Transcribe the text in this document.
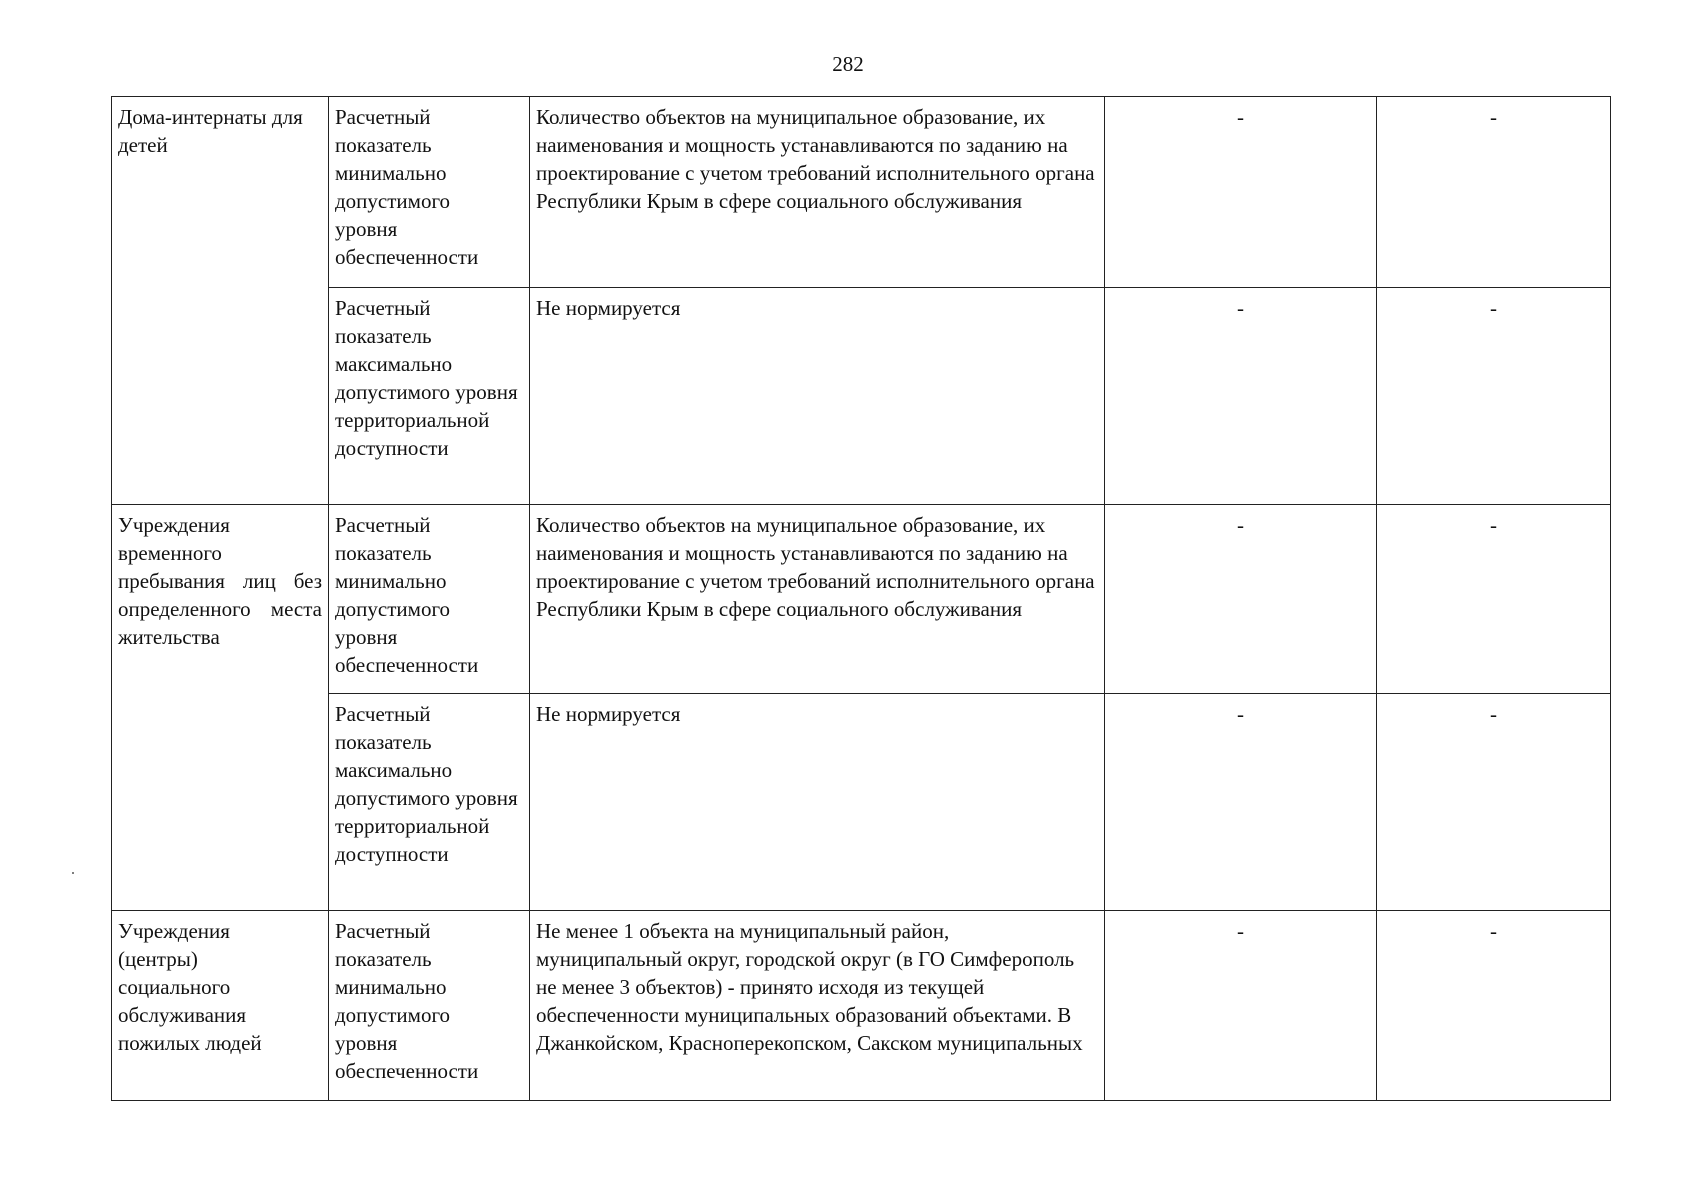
282
Дома-интернаты для детей	Расчетный показатель минимально допустимого уровня обеспеченности	Количество объектов на муниципальное образование, их наименования и мощность устанавливаются по заданию на проектирование с учетом требований исполнительного органа Республики Крым в сфере социального обслуживания	-	-

	Расчетный показатель максимально допустимого уровня территориальной доступности	Не нормируется	-	-

Учреждения временного пребывания лиц без определенного места жительства	Расчетный показатель минимально допустимого уровня обеспеченности	Количество объектов на муниципальное образование, их наименования и мощность устанавливаются по заданию на проектирование с учетом требований исполнительного органа Республики Крым в сфере социального обслуживания	-	-

	Расчетный показатель максимально допустимого уровня территориальной доступности	Не нормируется	-	-

Учреждения (центры) социального обслуживания пожилых людей	Расчетный показатель минимально допустимого уровня обеспеченности	Не менее 1 объекта на муниципальный район, муниципальный округ, городской округ (в ГО Симферополь не менее 3 объектов) - принято исходя из текущей обеспеченности муниципальных образований объектами. В Джанкойском, Красноперекопском, Сакском муниципальных	-	-
